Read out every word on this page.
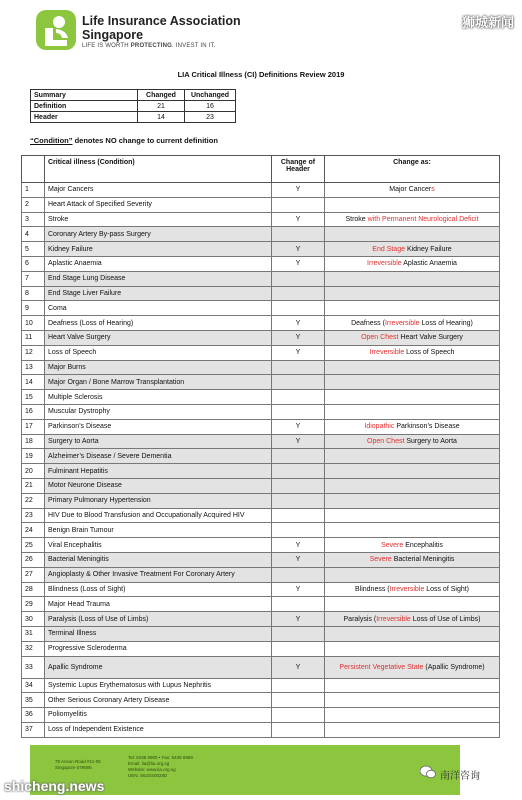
Life Insurance Association
Singapore
LIFE IS WORTH PROTECTING. INVEST IN IT.
狮城新闻
LIA Critical Illness (CI) Definitions Review 2019
Summary	Changed	Unchanged
Definition	21	16
Header	14	23
“Condition” denotes NO change to current definition
	Critical illness (Condition)	Change of Header	Change as:
1	Major Cancers	Y	Major Cancers
2	Heart Attack of Specified Severity		
3	Stroke	Y	Stroke with Permanent Neurological Deficit
4	Coronary Artery By-pass Surgery		
5	Kidney Failure	Y	End Stage Kidney Failure
6	Aplastic Anaemia	Y	Irreversible Aplastic Anaemia
7	End Stage Lung Disease		
8	End Stage Liver Failure		
9	Coma		
10	Deafness (Loss of Hearing)	Y	Deafness (Irreversible Loss of Hearing)
11	Heart Valve Surgery	Y	Open Chest Heart Valve Surgery
12	Loss of Speech	Y	Irreversible Loss of Speech
13	Major Burns		
14	Major Organ / Bone Marrow Transplantation		
15	Multiple Sclerosis		
16	Muscular Dystrophy		
17	Parkinson’s Disease	Y	Idiopathic Parkinson’s Disease
18	Surgery to Aorta	Y	Open Chest Surgery to Aorta
19	Alzheimer’s Disease / Severe Dementia		
20	Fulminant Hepatitis		
21	Motor Neurone Disease		
22	Primary Pulmonary Hypertension		
23	HIV Due to Blood Transfusion and Occupationally Acquired HIV		
24	Benign Brain Tumour		
25	Viral Encephalitis	Y	Severe Encephalitis
26	Bacterial Meningitis	Y	Severe Bacterial Meningitis
27	Angioplasty & Other Invasive Treatment For Coronary Artery		
28	Blindness (Loss of Sight)	Y	Blindness (Irreversible Loss of Sight)
29	Major Head Trauma		
30	Paralysis (Loss of Use of Limbs)	Y	Paralysis (Irreversible Loss of Use of Limbs)
31	Terminal Illness		
32	Progressive Scleroderma		
33	Apallic Syndrome	Y	Persistent Vegetative State (Apallic Syndrome)
34	Systemic Lupus Erythematosus with Lupus Nephritis		
35	Other Serious Coronary Artery Disease		
36	Poliomyelitis		
37	Loss of Independent Existence		
79 Anson Road #11-05
Singapore 079906
Tel: 6438 8900 • Fax: 6438 6989
Email: lia@lia.org.sg
Website: www.lia.org.sg
UEN: S62SS0028D
shicheng.news
南洋咨询
